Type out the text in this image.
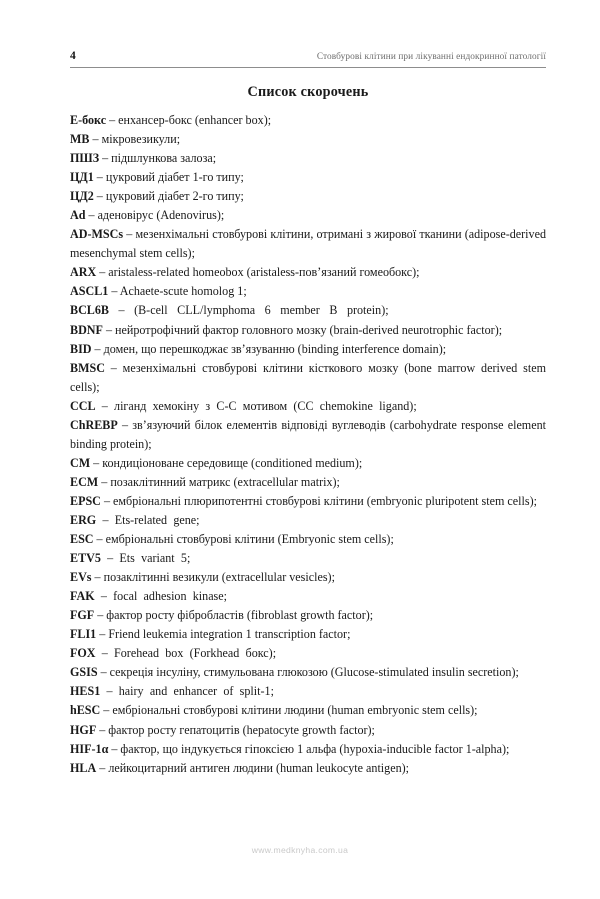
4	Стовбурові клітини при лікуванні ендокринної патології
Список скорочень

E-бокс – енхансер-бокс (enhancer box);

МВ – мікровезикули;

ПШЗ – підшлункова залоза;

ЦД1 – цукровий діабет 1-го типу;

ЦД2 – цукровий діабет 2-го типу;

Ad – аденовірус (Adenovirus);

AD-MSCs – мезенхімальні стовбурові клітини, отримані з жирової тканини (adipose-derived mesenchymal stem cells);

ARX – aristaless-related homeobox (aristaless-пов’язаний гомеобокс);

ASCL1 – Achaete-scute homolog 1;

BCL6B – (B-cell CLL/lymphoma 6 member B protein);

BDNF – нейротрофічний фактор головного мозку (brain-derived neurotrophic factor);

BID – домен, що перешкоджає зв’язуванню (binding interference domain);

BMSC – мезенхімальні стовбурові клітини кісткового мозку (bone marrow derived stem cells);

CCL – ліганд хемокіну з C-C мотивом (CC chemokine ligand);

ChREBP – зв’язуючий білок елементів відповіді вуглеводів (carbohydrate response element binding protein);

CM – кондиціоноване середовище (conditioned medium);

ECM – позаклітинний матрикс (extracellular matrix);

EPSC – ембріональні плюрипотентні стовбурові клітини (embryonic pluripotent stem cells);

ERG – Ets-related gene;

ESC – ембріональні стовбурові клітини (Embryonic stem cells);

ETV5 – Ets variant 5;

EVs – позаклітинні везикули (extracellular vesicles);

FAK – focal adhesion kinase;

FGF – фактор росту фібробластів (fibroblast growth factor);

FLI1 – Friend leukemia integration 1 transcription factor;

FOX – Forehead box (Forkhead бокс);

GSIS – секреція інсуліну, стимульована глюкозою (Glucose-stimulated insulin secretion);

HES1 – hairy and enhancer of split-1;

hESC – ембріональні стовбурові клітини людини (human embryonic stem cells);

HGF – фактор росту гепатоцитів (hepatocyte growth factor);

HIF-1α – фактор, що індукується гіпоксією 1 альфа (hypoxia-inducible factor 1-alpha);

HLA – лейкоцитарний антиген людини (human leukocyte antigen);

www.medknyha.com.ua
